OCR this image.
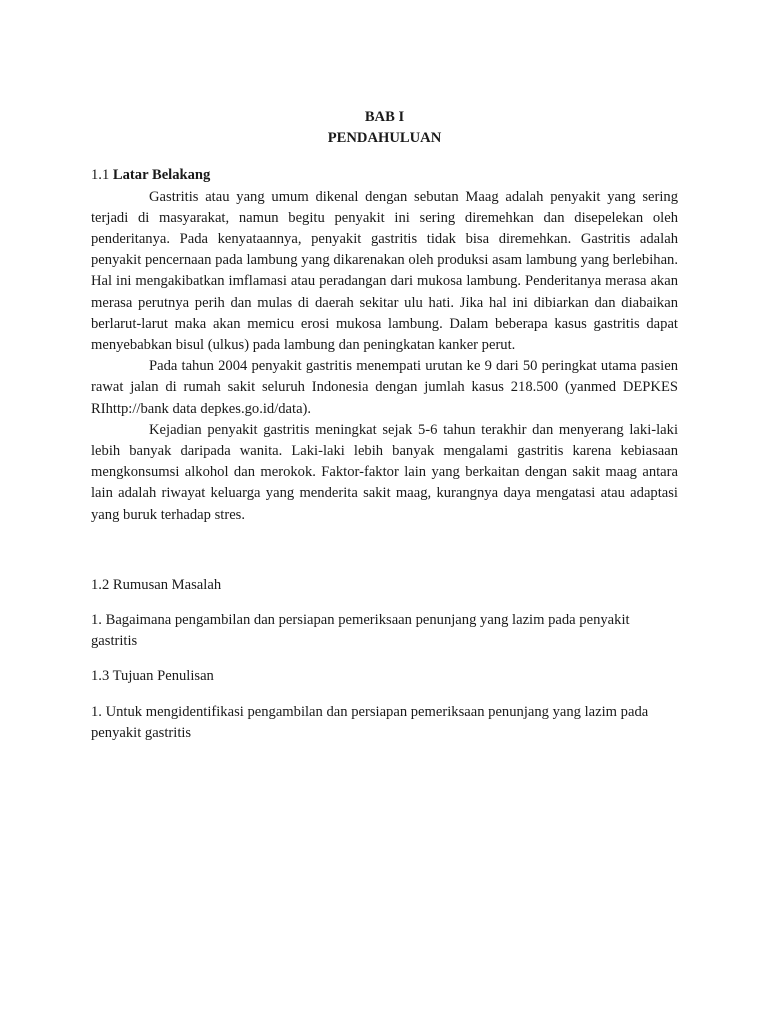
BAB I
PENDAHULUAN
1.1 Latar Belakang

Gastritis atau yang umum dikenal dengan sebutan Maag adalah penyakit yang sering terjadi di masyarakat, namun begitu penyakit ini sering diremehkan dan disepelekan oleh penderitanya. Pada kenyataannya, penyakit gastritis tidak bisa diremehkan. Gastritis adalah penyakit pencernaan pada lambung yang dikarenakan oleh produksi asam lambung yang berlebihan. Hal ini mengakibatkan imflamasi atau peradangan dari mukosa lambung. Penderitanya merasa akan merasa perutnya perih dan mulas di daerah sekitar ulu hati. Jika hal ini dibiarkan dan diabaikan berlarut-larut maka akan memicu erosi mukosa lambung. Dalam beberapa kasus gastritis dapat menyebabkan bisul (ulkus) pada lambung dan peningkatan kanker perut.

Pada tahun 2004 penyakit gastritis menempati urutan ke 9 dari 50 peringkat utama pasien rawat jalan di rumah sakit seluruh Indonesia dengan jumlah kasus 218.500 (yanmed DEPKES RIhttp://bank data depkes.go.id/data).

Kejadian penyakit gastritis meningkat sejak 5-6 tahun terakhir dan menyerang laki-laki lebih banyak daripada wanita. Laki-laki lebih banyak mengalami gastritis karena kebiasaan mengkonsumsi alkohol dan merokok. Faktor-faktor lain yang berkaitan dengan sakit maag antara lain adalah riwayat keluarga yang menderita sakit maag, kurangnya daya mengatasi atau adaptasi yang buruk terhadap stres.

1.2 Rumusan Masalah
1. Bagaimana pengambilan dan persiapan pemeriksaan penunjang yang lazim pada penyakit gastritis
1.3 Tujuan Penulisan
1. Untuk mengidentifikasi pengambilan dan persiapan pemeriksaan penunjang yang lazim pada penyakit gastritis
